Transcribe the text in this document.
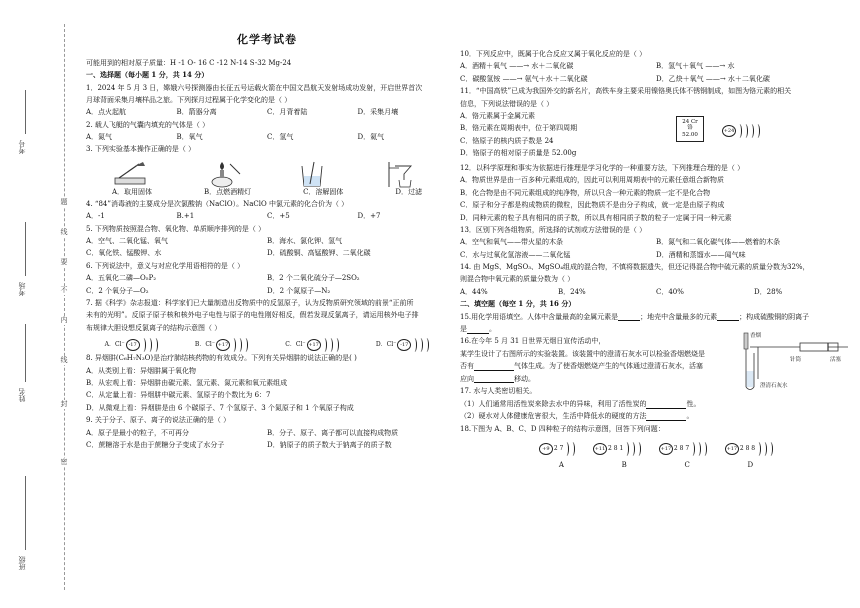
题
线
要
不
内
线
封
密
考号
考场
姓名
班级
化学考试卷
可能用到的相对原子质量：H -1 O- 16 C -12 N-14 S-32 Mg-24
一、选择题（每小题 1 分，共 14 分）
1．2024 年 5 月 3 日，嫦娥六号探测器由长征五号运载火箭在中国文昌航天发射场成功发射，开启世界首次
月球背面采集月壤样品之旅。下列探月过程属于化学变化的是（ ）
A．点火起航	B．箭器分离	C．月背着陆	D．采集月壤
2. 载人飞艇的气囊内填充的气体是（ ）
A．氮气	B．氧气	C．氢气	D．氦气
3. 下列实验基本操作正确的是（ ）
A．取用固体	B．点燃酒精灯	C．溶解固体	D．过滤
4. “84”消毒液的主要成分是次氯酸钠（NaClO）。NaClO 中氯元素的化合价为（ ）
A．-1	B.+1	C．+5	D．+7
5. 下列物质按照混合物、氧化物、单质顺序排列的是（ ）
A．空气、二氧化锰、氧气	B．海水、氯化钾、氢气
C．氧化铁、锰酸钾、水	D．硫酸铜、高锰酸钾、二氧化碳
6. 下列说法中，意义与对应化学用语相符的是（ ）
A．五氧化二磷—O₅P₂	B．2 个二氧化硫分子—2SO₂
C．2 个氧分子—O₂	D．2 个氮原子—N₂
7. 据《科学》杂志报道：科学家们已大量制造出反物质中的反氢原子，认为反物质研究领域的前景“正前所
未有的光明”。反原子原子核和核外电子电性与原子的电性刚好相反，假若发现反氯离子，请运用核外电子排
布规律大胆设想反氯离子的结构示意图（ ）
A．Cl⁻ -17	B．Cl⁻ +17	C．Cl⁻ +17	D．Cl⁻ -17
8. 异烟肼(C₆H₇N₃O)是治疗肺结核药物的有效成分。下列有关异烟肼的说法正确的是( )
A．从类别上看：异烟肼属于氧化物
B．从宏观上看：异烟肼由碳元素、氢元素、氮元素和氧元素组成
C．从定量上看：异烟肼中碳元素、氢原子的个数比为 6：7
D．从微观上看：异烟肼是由 6 个碳原子、7 个氢原子、3 个氮原子和 1 个氧原子构成
9. 关于分子、原子、离子的说法正确的是（ ）
A．原子是最小的粒子，不可再分	B．分子、原子、离子都可以直接构成物质
C．蔗糖溶于水是由于蔗糖分子变成了水分子	D．钠原子的质子数大于钠离子的质子数
10．下列反应中，既属于化合反应又属于氧化反应的是（ ）
A．酒精＋氧气 ——→ 水＋二氧化碳	B．氢气＋氧气 ——→ 水
C．碳酸氢铵 ——→ 氨气＋水＋二氧化碳	D．乙炔＋氧气 ——→ 水＋二氧化碳
11．“中国高铁”已成为我国外交的新名片，高铁车身主要采用镍铬奥氏体不锈钢制成，如图为铬元素的相关
信息，下列说法错误的是（ ）
A．铬元素属于金属元素
B．铬元素在周期表中，位于第四周期
C．铬原子的核内质子数是 24
D．铬原子的相对原子质量是 52.00g
24 Cr
铬
52.00
+24
12．以科学原理和事实为依据进行推理是学习化学的一种重要方法，下列推理合理的是（ ）
A．物质世界是由一百多种元素组成的，因此可以利用周期表中的元素任意组合新物质
B．化合物是由不同元素组成的纯净物，所以只含一种元素的物质一定不是化合物
C．原子和分子都是构成物质的微粒，因此物质不是由分子构成，就一定是由原子构成
D．同种元素的粒子具有相同的质子数，所以具有相同质子数的粒子一定属于同一种元素
13．区别下列各组物质，所选择的试剂或方法错误的是（ ）
A．空气和氧气——带火星的木条	B．氮气和二氧化碳气体——燃着的木条
C．水与过氧化氢溶液——二氧化锰	D．酒精和蒸馏水——闻气味
14. 由 MgS、MgSO₃、MgSO₄组成的混合物，不慎将数据遗失，但还记得混合物中硫元素的质量分数为32%，
则混合物中氧元素的质量分数为（ ）
A．44%	B．24%	C．40%	D．28%
二、填空题（每空 1 分，共 16 分）
15.用化学用语填空。人体中含量最高的金属元素是	；地壳中含量最多的元素	；构成硫酸铜的阴离子
是	。
16.在今年 5 月 31 日世界无烟日宣传活动中，
某学生设计了右图所示的实验装置。该装置中的澄清石灰水可以检验香烟燃烧是
否有	气体生成。为了使香烟燃烧产生的气体通过澄清石灰水，活塞
应向	移动。
香烟
针筒	活塞
澄清石灰水
17. 水与人类密切相关。
（1）人们通常用活性炭来除去水中的异味，利用了活性炭的	性。
（2）硬水对人体健康危害很大，生活中降低水的硬度的方法	。
18.下图为 A、B、C、D 四种粒子的结构示意图，回答下列问题：
+9 2 7	+11 2 8 1	+17 2 8 7	+17 2 8 8
A	B	C	D
